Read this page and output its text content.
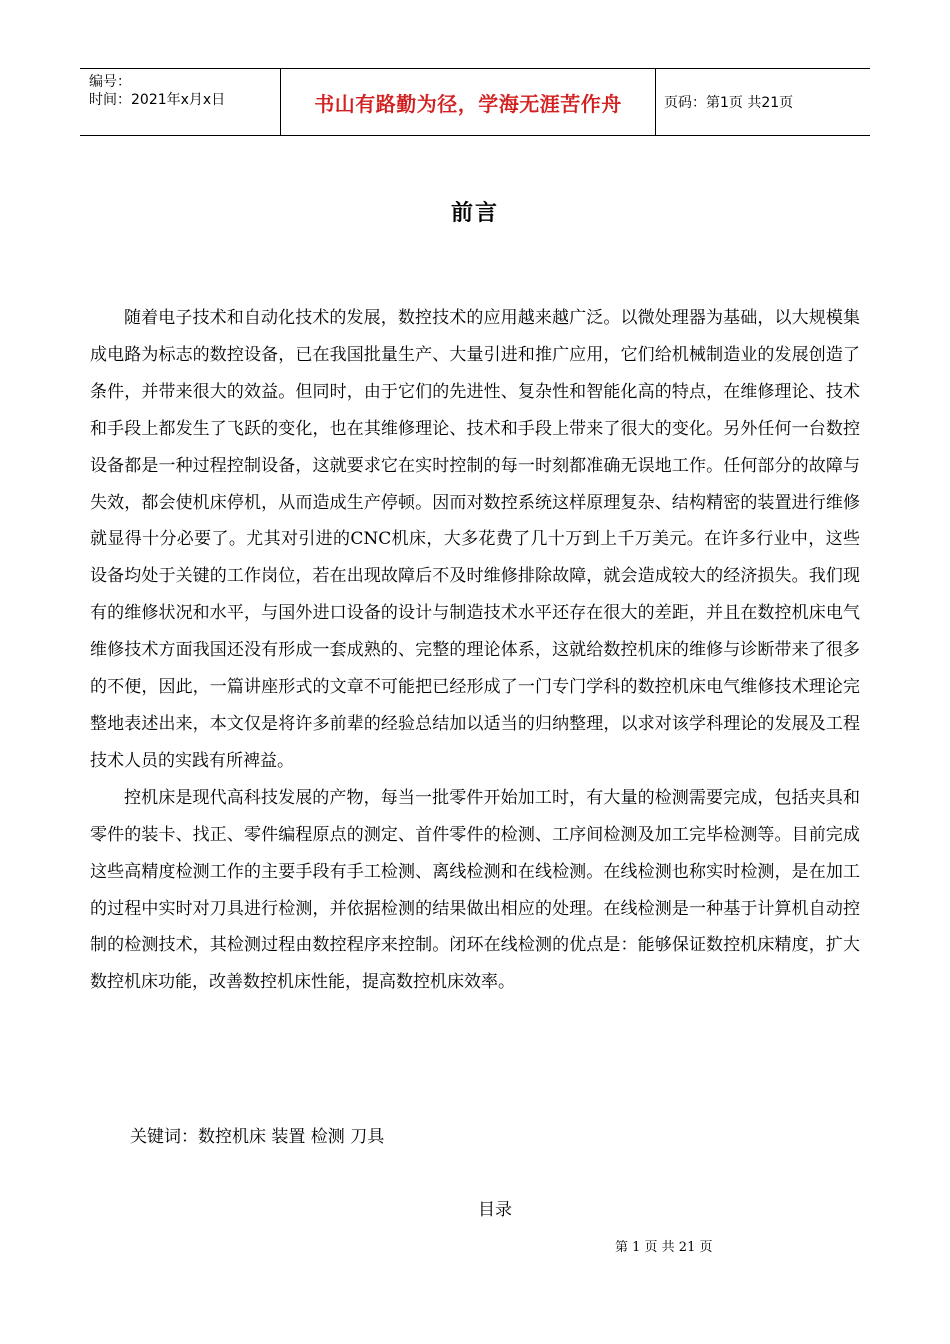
编号：
时间：2021年x月x日	书山有路勤为径，学海无涯苦作舟	页码：第1页 共21页
前言

随着电子技术和自动化技术的发展，数控技术的应用越来越广泛。以微处理器为基础，以大规模集成电路为标志的数控设备，已在我国批量生产、大量引进和推广应用，它们给机械制造业的发展创造了条件，并带来很大的效益。但同时，由于它们的先进性、复杂性和智能化高的特点，在维修理论、技术和手段上都发生了飞跃的变化，也在其维修理论、技术和手段上带来了很大的变化。另外任何一台数控设备都是一种过程控制设备，这就要求它在实时控制的每一时刻都准确无误地工作。任何部分的故障与失效，都会使机床停机，从而造成生产停顿。因而对数控系统这样原理复杂、结构精密的装置进行维修就显得十分必要了。尤其对引进的CNC机床，大多花费了几十万到上千万美元。在许多行业中，这些设备均处于关键的工作岗位，若在出现故障后不及时维修排除故障，就会造成较大的经济损失。我们现有的维修状况和水平，与国外进口设备的设计与制造技术水平还存在很大的差距，并且在数控机床电气维修技术方面我国还没有形成一套成熟的、完整的理论体系，这就给数控机床的维修与诊断带来了很多的不便，因此，一篇讲座形式的文章不可能把已经形成了一门专门学科的数控机床电气维修技术理论完整地表述出来，本文仅是将许多前辈的经验总结加以适当的归纳整理，以求对该学科理论的发展及工程技术人员的实践有所裨益。

控机床是现代高科技发展的产物，每当一批零件开始加工时，有大量的检测需要完成，包括夹具和零件的装卡、找正、零件编程原点的测定、首件零件的检测、工序间检测及加工完毕检测等。目前完成这些高精度检测工作的主要手段有手工检测、离线检测和在线检测。在线检测也称实时检测，是在加工的过程中实时对刀具进行检测，并依据检测的结果做出相应的处理。在线检测是一种基于计算机自动控制的检测技术，其检测过程由数控程序来控制。闭环在线检测的优点是：能够保证数控机床精度，扩大数控机床功能，改善数控机床性能，提高数控机床效率。

关键词：数控机床 装置 检测 刀具
目录
第 1 页 共 21 页
